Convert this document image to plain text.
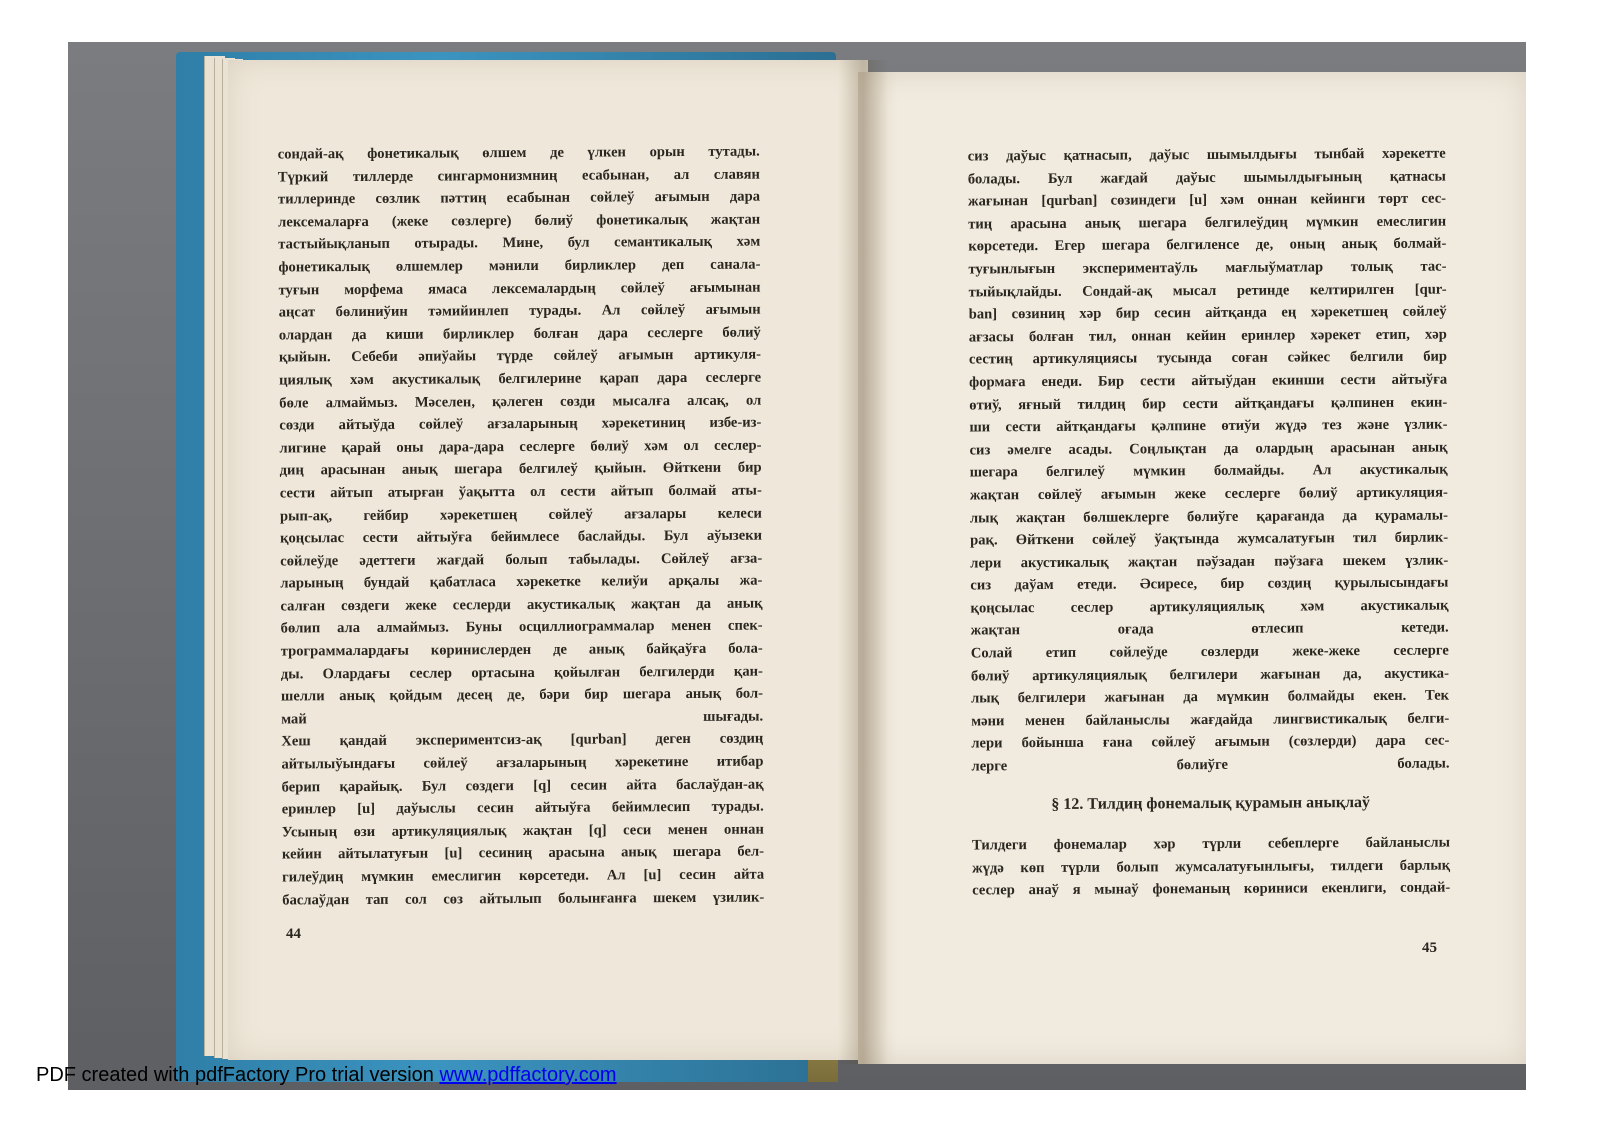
сондай-ақ фонетикалық өлшем де үлкен орын тутады.
Түркий тиллерде сингармонизмниң есабынан, ал славян
тиллеринде сөзлик пәттиң есабынан сөйлеў ағымын дара
лексемаларға (жеке сөзлерге) бөлиў фонетикалық жақтан
тастыйықланып отырады. Мине, бул семантикалық хәм
фонетикалық өлшемлер мәнили бирликлер деп санала-
туғын морфема ямаса лексемалардың сөйлеў ағымынан
аңсат бөлиниўин тәмийинлеп турады. Ал сөйлеў ағымын
олардан да киши бирликлер болған дара сеслерге бөлиў
қыйын. Себеби әпиўайы түрде сөйлеў ағымын артикуля-
циялық хәм акустикалық белгилерине қарап дара сеслерге
бөле алмаймыз. Мәселен, қәлеген сөзди мысалға алсақ, ол
сөзди айтыўда сөйлеў ағзаларының хәрекетиниң избе-из-
лигине қарай оны дара-дара сеслерге бөлиў хәм ол сеслер-
диң арасынан анық шегара белгилеў қыйын. Өйткени бир
сести айтып атырған ўақытта ол сести айтып болмай аты-
рып-ақ, гейбир хәрекетшең сөйлеў ағзалары келеси
қоңсылас сести айтыўға бейимлесе баслайды. Бул аўызеки
сөйлеўде әдеттеги жағдай болып табылады. Сөйлеў ағза-
ларының бундай қабатласа хәрекетке келиўи арқалы жа-
салған сөздеги жеке сеслерди акустикалық жақтан да анық
бөлип ала алмаймыз. Буны осциллиограммалар менен спек-
трограммалардағы көринислерден де анық байқаўға бола-
ды. Олардағы сеслер ортасына қойылған белгилерди қан-
шелли анық қойдым десең де, бәри бир шегара анық бол-
май шығады.
Хеш қандай экспериментсиз-ақ [qurban] деген сөздиң
айтылыўындағы сөйлеў ағзаларының хәрекетине итибар
берип қарайық. Бул сөздеги [q] сесин айта баслаўдан-ақ
еринлер [u] даўыслы сесин айтыўға бейимлесип турады.
Усының өзи артикуляциялық жақтан [q] сеси менен оннан
кейин айтылатуғын [u] сесиниң арасына анық шегара бел-
гилеўдиң мүмкин емеслигин көрсетеди. Ал [u] сесин айта
баслаўдан тап сол сөз айтылып болынғанға шекем үзилик-
44
сиз даўыс қатнасып, даўыс шымылдығы тынбай хәрекетте
болады. Бул жағдай даўыс шымылдығының қатнасы
жағынан [qurban] сөзиндеги [u] хәм оннан кейинги төрт сес-
тиң арасына анық шегара белгилеўдиң мүмкин емеслигин
көрсетеди. Егер шегара белгиленсе де, оның анық болмай-
туғынлығын экспериментаўль мағлыўматлар толық тас-
тыйықлайды. Сондай-ақ мысал ретинде келтирилген [qur-
ban] сөзиниң хәр бир сесин айтқанда ең хәрекетшең сөйлеў
ағзасы болған тил, оннан кейин еринлер хәрекет етип, хәр
сестиң артикуляциясы тусында соған сәйкес белгили бир
формаға енеди. Бир сести айтыўдан екинши сести айтыўға
өтиў, яғный тилдиң бир сести айтқандағы қәлпинен екин-
ши сести айтқандағы қәлпине өтиўи жүдә тез және үзлик-
сиз әмелге асады. Соңлықтан да олардың арасынан анық
шегара белгилеў мүмкин болмайды. Ал акустикалық
жақтан сөйлеў ағымын жеке сеслерге бөлиў артикуляция-
лық жақтан бөлшеклерге бөлиўге қарағанда да қурамалы-
рақ. Өйткени сөйлеў ўақтында жумсалатуғын тил бирлик-
лери акустикалық жақтан пәўзадан пәўзаға шекем үзлик-
сиз даўам етеди. Әсиресе, бир сөздиң қурылысындағы
қоңсылас сеслер артикуляциялық хәм акустикалық
жақтан оғада өтлесип кетеди.
Солай етип сөйлеўде сөзлерди жеке-жеке сеслерге
бөлиў артикуляциялық белгилери жағынан да, акустика-
лық белгилери жағынан да мүмкин болмайды екен. Тек
мәни менен байланыслы жағдайда лингвистикалық белги-
лери бойынша ғана сөйлеў ағымын (сөзлерди) дара сес-
лерге бөлиўге болады.
§ 12. Тилдиң фонемалық қурамын анықлаў
Тилдеги фонемалар хәр түрли себеплерге байланыслы
жүдә көп түрли болып жумсалатуғынлығы, тилдеги барлық
сеслер анаў я мынаў фонеманың көриниси екенлиги, сондай-
45
PDF created with pdfFactory Pro trial version www.pdffactory.com
